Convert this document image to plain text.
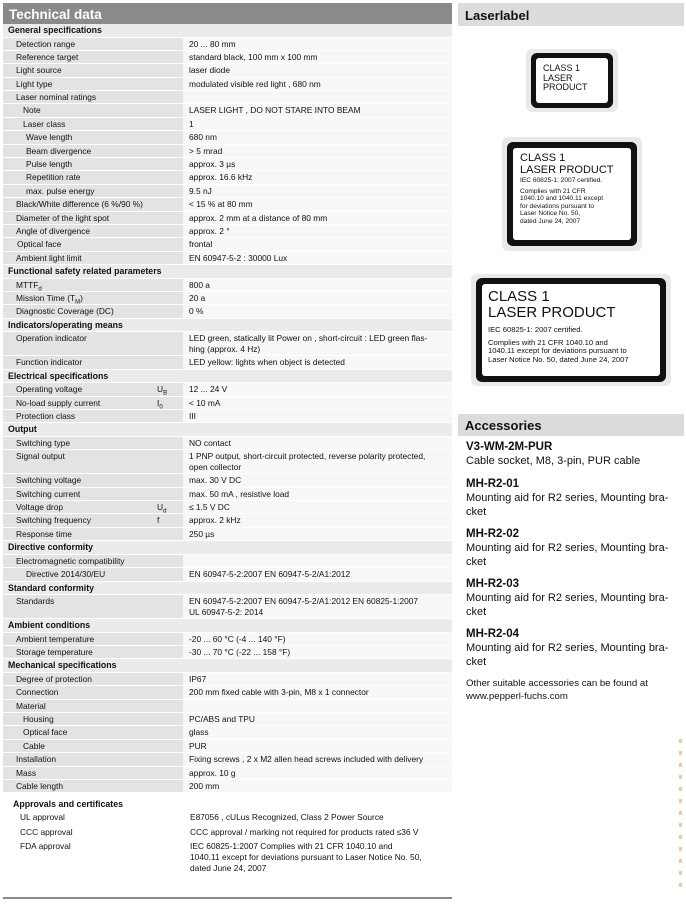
Technical data
General specifications
Detection range	20 ... 80 mm
Reference target	standard black, 100 mm x 100 mm
Light source	laser diode
Light type	modulated visible red light , 680 nm
Laser nominal ratings
Note	LASER LIGHT , DO NOT STARE INTO BEAM
Laser class	1
Wave length	680 nm
Beam divergence	> 5 mrad
Pulse length	approx. 3 µs
Repetition rate	approx. 16.6 kHz
max. pulse energy	9.5 nJ
Black/White difference (6 %/90 %)	< 15 % at 80 mm
Diameter of the light spot	approx. 2 mm at a distance of 80 mm
Angle of divergence	approx. 2 °
Optical face	frontal
Ambient light limit	EN 60947-5-2 : 30000 Lux
Functional safety related parameters
$MTTF_d$	800 a
Mission Time $(T_M)$	20 a
Diagnostic Coverage (DC)	0 %
Indicators/operating means
Operation indicator	LED green, statically lit Power on , short-circuit : LED green flas-
hing (approx. 4 Hz)
Function indicator	LED yellow: lights when object is detected
Electrical specifications
Operating voltage	$U_B$	12 ... 24 V
No-load supply current	$I_0$	< 10 mA
Protection class	III
Output
Switching type	NO contact
Signal output	1 PNP output, short-circuit protected, reverse polarity protected,
open collector
Switching voltage	max. 30 V DC
Switching current	max. 50 mA , resistive load
Voltage drop	$U_d$	≤ 1.5 V DC
Switching frequency	f	approx. 2 kHz
Response time	250 µs
Directive conformity
Electromagnetic compatibility
Directive 2014/30/EU	EN 60947-5-2:2007 EN 60947-5-2/A1:2012
Standard conformity
Standards	EN 60947-5-2:2007 EN 60947-5-2/A1:2012 EN 60825-1:2007
UL 60947-5-2: 2014
Ambient conditions
Ambient temperature	-20 ... 60 °C (-4 ... 140 °F)
Storage temperature	-30 ... 70 °C (-22 ... 158 °F)
Mechanical specifications
Degree of protection	IP67
Connection	200 mm fixed cable with 3-pin, M8 x 1 connector
Material
Housing	PC/ABS and TPU
Optical face	glass
Cable	PUR
Installation	Fixing screws , 2 x M2 allen head screws included with delivery
Mass	approx. 10 g
Cable length	200 mm
Approvals and certificates
UL approval	E87056 , cULus Recognized, Class 2 Power Source
CCC approval	CCC approval / marking not required for products rated ≤36 V
FDA approval	IEC 60825-1:2007 Complies with 21 CFR 1040.10 and
1040.11 except for deviations pursuant to Laser Notice No. 50,
dated June 24, 2007
Laserlabel
CLASS 1
LASER
PRODUCT
CLASS 1
LASER PRODUCT
IEC 60825-1: 2007 certified.
Complies with 21 CFR
1040.10 and 1040.11 except
for deviations pursuant to
Laser Notice No. 50,
dated June 24, 2007
CLASS 1
LASER PRODUCT
IEC 60825-1: 2007 certified.
Complies with 21 CFR 1040.10 and
1040.11 except for deviations pursuant to
Laser Notice No. 50, dated June 24, 2007
Accessories
V3-WM-2M-PUR
Cable socket, M8, 3-pin, PUR cable
MH-R2-01
Mounting aid for R2 series, Mounting bra-
cket
MH-R2-02
Mounting aid for R2 series, Mounting bra-
cket
MH-R2-03
Mounting aid for R2 series, Mounting bra-
cket
MH-R2-04
Mounting aid for R2 series, Mounting bra-
cket
Other suitable accessories can be found at
www.pepperl-fuchs.com
